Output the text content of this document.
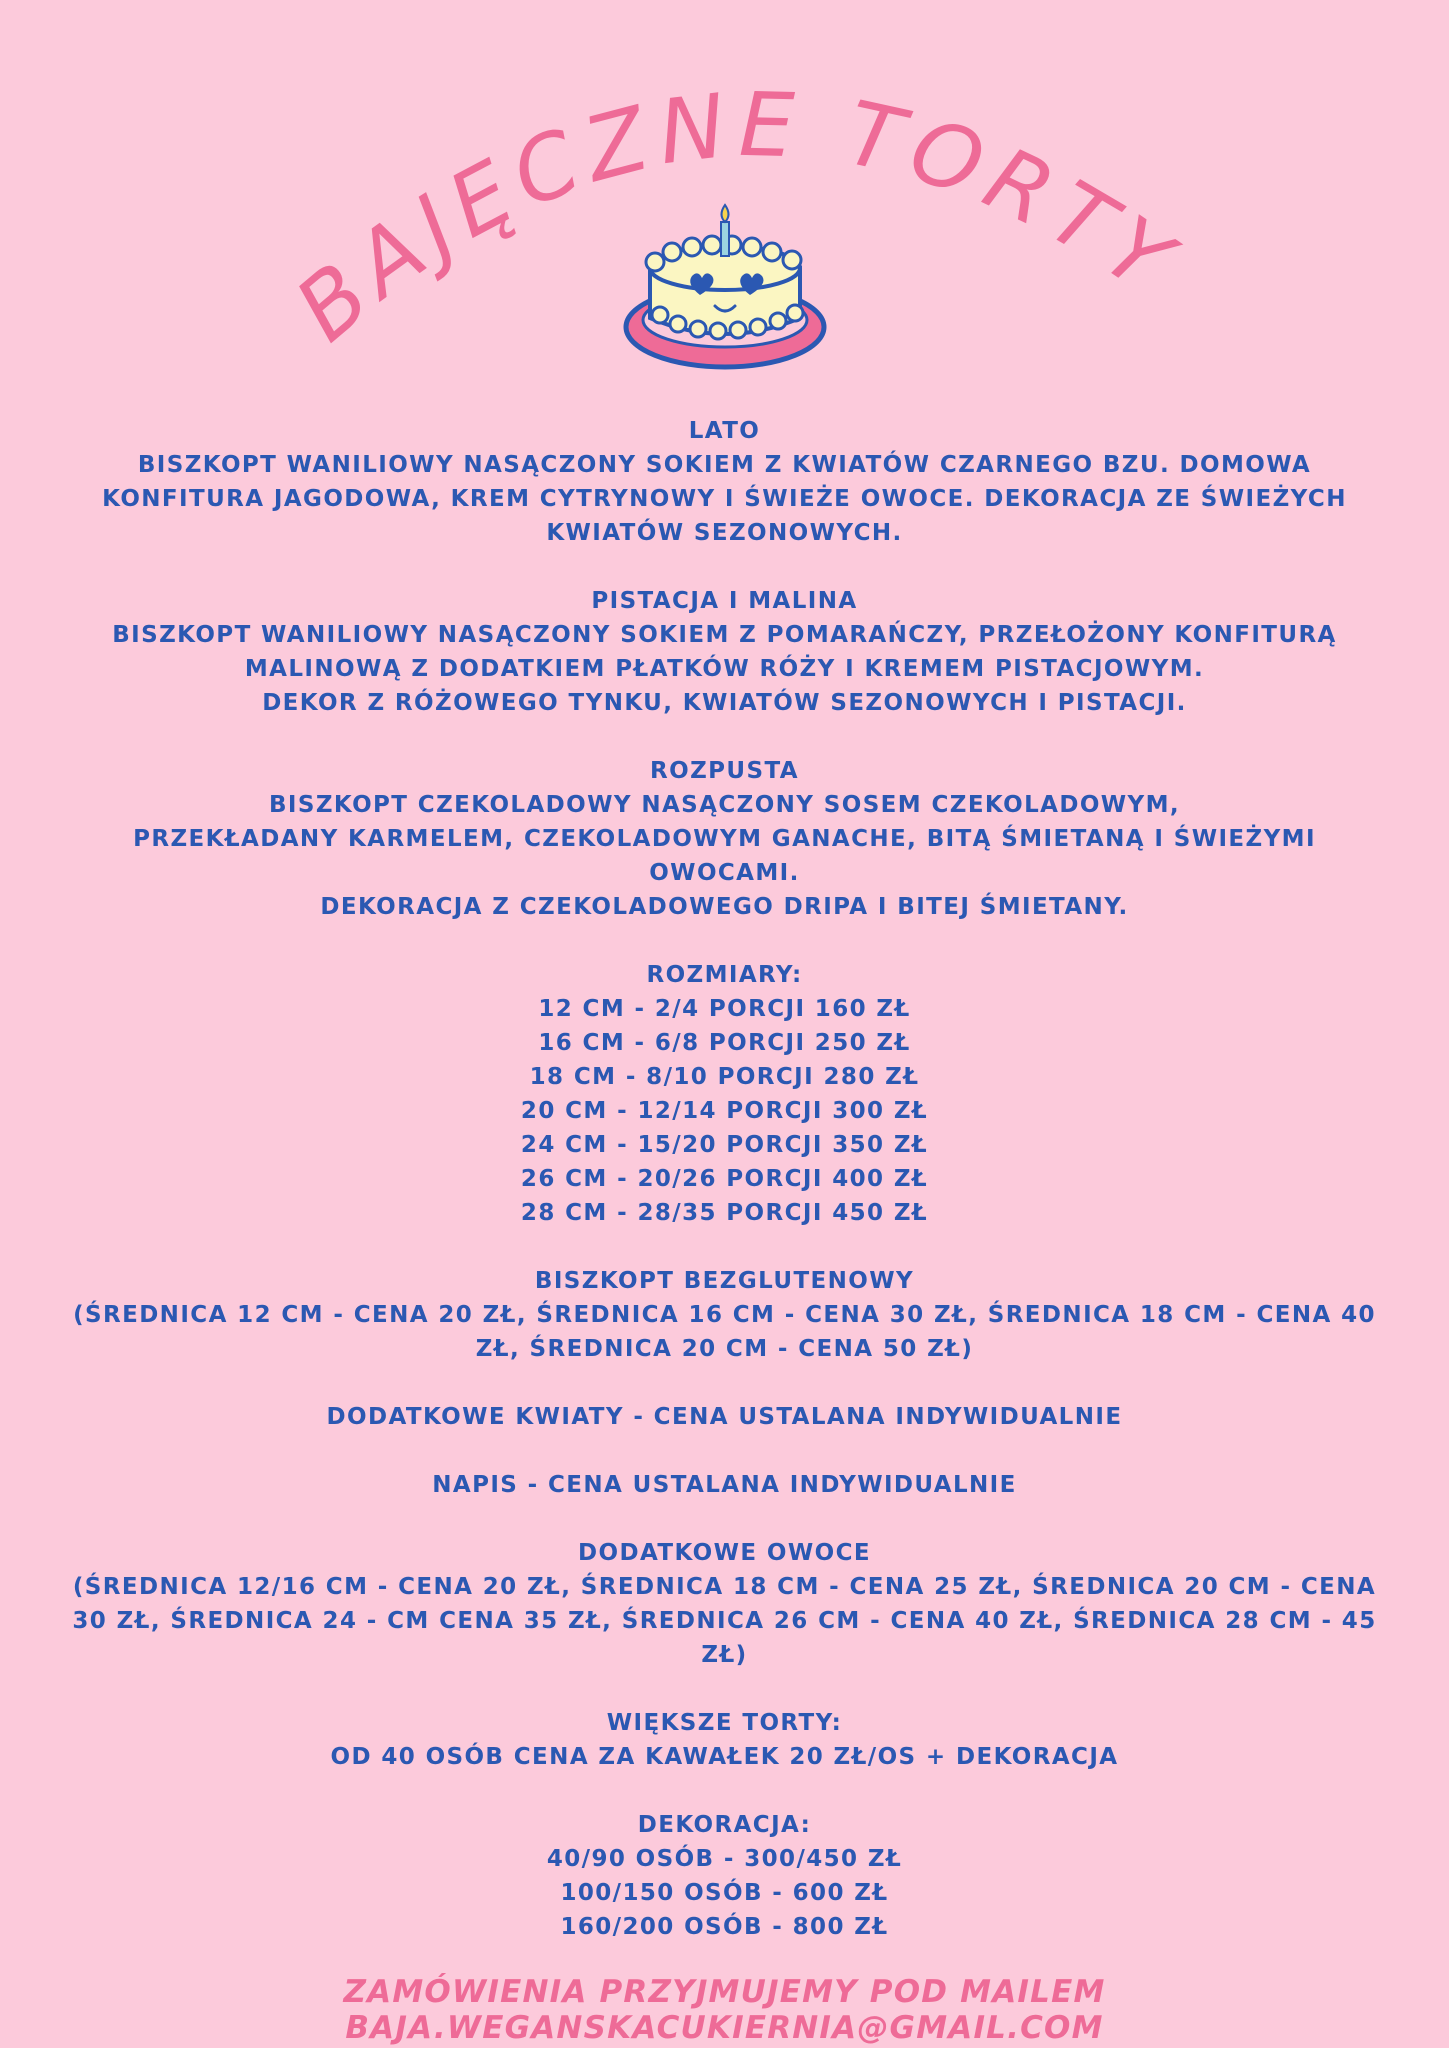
BAJĘCZNE TORTY
LATO
BISZKOPT WANILIOWY NASĄCZONY SOKIEM Z KWIATÓW CZARNEGO BZU. DOMOWA
KONFITURA JAGODOWA, KREM CYTRYNOWY I ŚWIEŻE OWOCE. DEKORACJA ZE ŚWIEŻYCH
KWIATÓW SEZONOWYCH.
PISTACJA I MALINA
BISZKOPT WANILIOWY NASĄCZONY SOKIEM Z POMARAŃCZY, PRZEŁOŻONY KONFITURĄ
MALINOWĄ Z DODATKIEM PŁATKÓW RÓŻY I KREMEM PISTACJOWYM.
DEKOR Z RÓŻOWEGO TYNKU, KWIATÓW SEZONOWYCH I PISTACJI.
ROZPUSTA
BISZKOPT CZEKOLADOWY NASĄCZONY SOSEM CZEKOLADOWYM,
PRZEKŁADANY KARMELEM, CZEKOLADOWYM GANACHE, BITĄ ŚMIETANĄ I ŚWIEŻYMI
OWOCAMI.
DEKORACJA Z CZEKOLADOWEGO DRIPA I BITEJ ŚMIETANY.
ROZMIARY:
12 CM - 2/4 PORCJI 160 ZŁ
16 CM - 6/8 PORCJI 250 ZŁ
18 CM - 8/10 PORCJI 280 ZŁ
20 CM - 12/14 PORCJI 300 ZŁ
24 CM - 15/20 PORCJI 350 ZŁ
26 CM - 20/26 PORCJI 400 ZŁ
28 CM - 28/35 PORCJI 450 ZŁ
BISZKOPT BEZGLUTENOWY
(ŚREDNICA 12 CM - CENA 20 ZŁ, ŚREDNICA 16 CM - CENA 30 ZŁ, ŚREDNICA 18 CM - CENA 40
ZŁ, ŚREDNICA 20 CM - CENA 50 ZŁ)
DODATKOWE KWIATY - CENA USTALANA INDYWIDUALNIE
NAPIS - CENA USTALANA INDYWIDUALNIE
DODATKOWE OWOCE
(ŚREDNICA 12/16 CM - CENA 20 ZŁ, ŚREDNICA 18 CM - CENA 25 ZŁ, ŚREDNICA 20 CM - CENA
30 ZŁ, ŚREDNICA 24 - CM CENA 35 ZŁ, ŚREDNICA 26 CM - CENA 40 ZŁ, ŚREDNICA 28 CM - 45
ZŁ)
WIĘKSZE TORTY:
OD 40 OSÓB CENA ZA KAWAŁEK 20 ZŁ/OS + DEKORACJA
DEKORACJA:
40/90 OSÓB - 300/450 ZŁ
100/150 OSÓB - 600 ZŁ
160/200 OSÓB - 800 ZŁ
ZAMÓWIENIA PRZYJMUJEMY POD MAILEM BAJA.WEGANSKACUKIERNIA@GMAIL.COM
